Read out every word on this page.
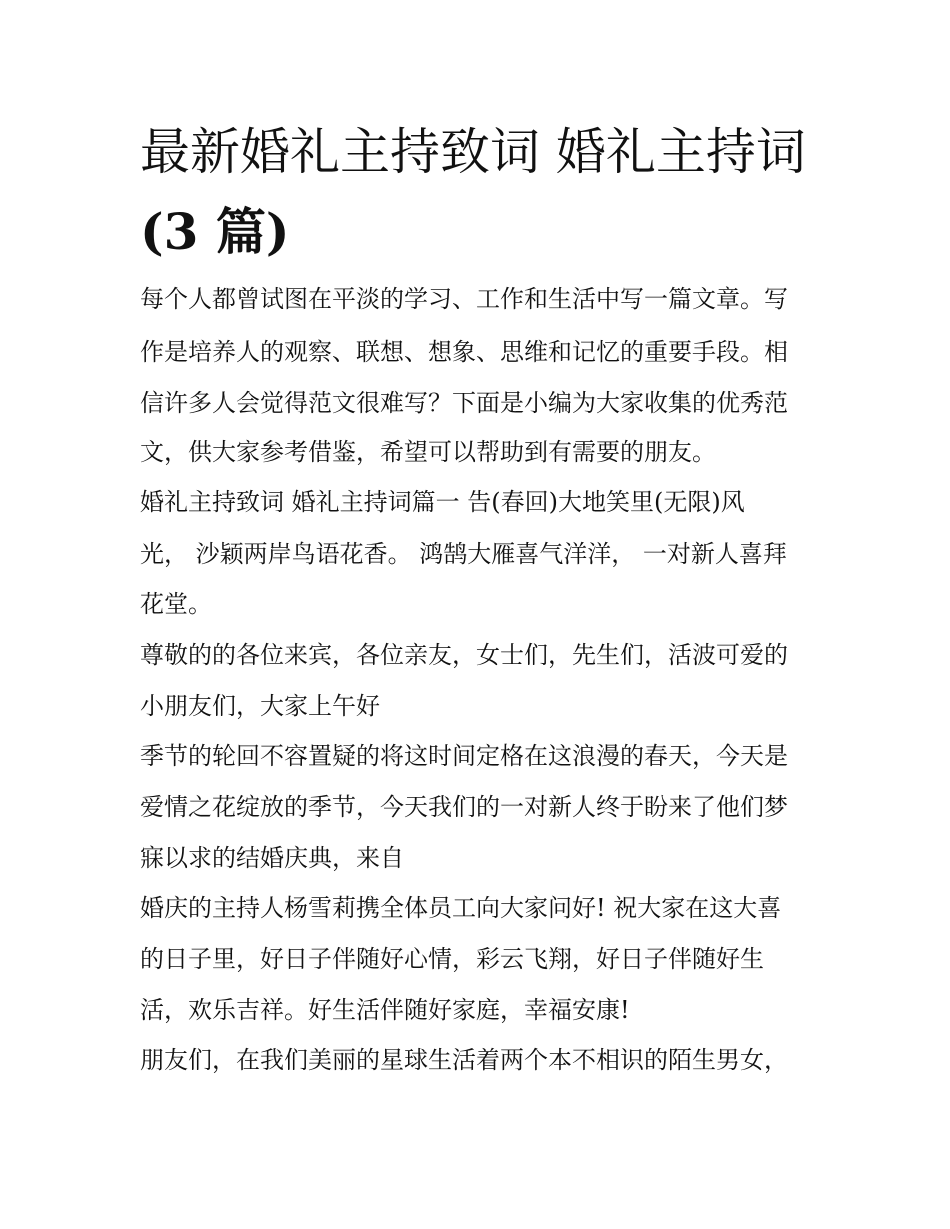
最新婚礼主持致词 婚礼主持词
(3 篇)
每个人都曾试图在平淡的学习、工作和生活中写一篇文章。写
作是培养人的观察、联想、想象、思维和记忆的重要手段。相
信许多人会觉得范文很难写？下面是小编为大家收集的优秀范
文，供大家参考借鉴，希望可以帮助到有需要的朋友。
婚礼主持致词 婚礼主持词篇一 告(春回)大地笑里(无限)风
光， 沙颖两岸鸟语花香。 鸿鹄大雁喜气洋洋， 一对新人喜拜
花堂。
尊敬的的各位来宾，各位亲友，女士们，先生们，活波可爱的
小朋友们，大家上午好
季节的轮回不容置疑的将这时间定格在这浪漫的春天，今天是
爱情之花绽放的季节，今天我们的一对新人终于盼来了他们梦
寐以求的结婚庆典，来自
婚庆的主持人杨雪莉携全体员工向大家问好! 祝大家在这大喜
的日子里，好日子伴随好心情，彩云飞翔，好日子伴随好生
活，欢乐吉祥。好生活伴随好家庭，幸福安康!
朋友们，在我们美丽的星球生活着两个本不相识的陌生男女，
